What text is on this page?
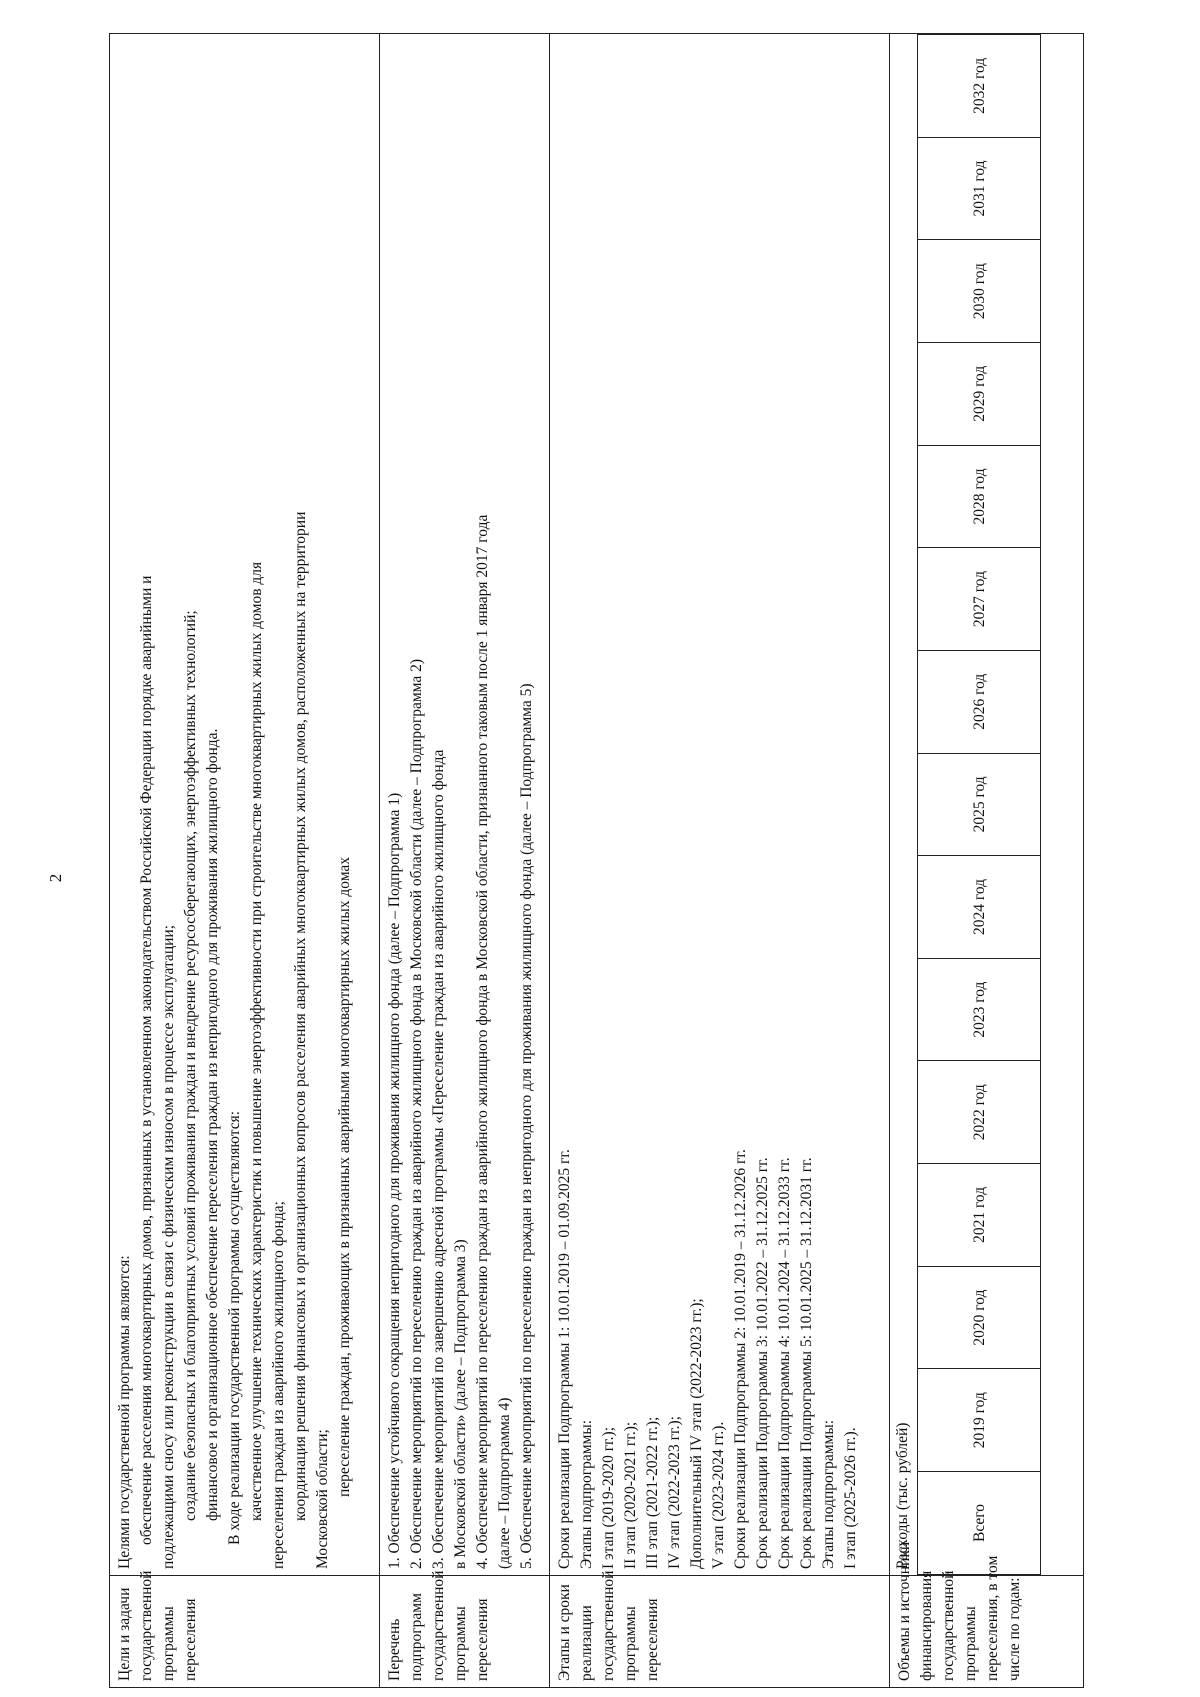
2
Цели и задачи государственной программы переселения

Целями государственной программы являются: обеспечение расселения многоквартирных домов, признанных в установленном законодательством Российской Федерации порядке аварийными и подлежащими сносу или реконструкции в связи с физическим износом в процессе эксплуатации; создание безопасных и благоприятных условий проживания граждан и внедрение ресурсосберегающих, энергоэффективных технологий; финансовое и организационное обеспечение переселения граждан из непригодного для проживания жилищного фонда. В ходе реализации государственной программы осуществляются: качественное улучшение технических характеристик и повышение энергоэффективности при строительстве многоквартирных жилых домов для переселения граждан из аварийного жилищного фонда; координация решения финансовых и организационных вопросов расселения аварийных многоквартирных жилых домов, расположенных на территории Московской области;
переселение граждан, проживающих в признанных аварийными многоквартирных жилых домах

Перечень подпрограмм государственной программы переселения

1. Обеспечение устойчивого сокращения непригодного для проживания жилищного фонда (далее – Подпрограмма 1) 2. Обеспечение мероприятий по переселению граждан из аварийного жилищного фонда в Московской области (далее – Подпрограмма 2) 3. Обеспечение мероприятий по завершению адресной программы «Переселение граждан из аварийного жилищного фонда в Московской области» (далее – Подпрограмма 3) 4. Обеспечение мероприятий по переселению граждан из аварийного жилищного фонда в Московской области, признанного таковым после 1 января 2017 года (далее – Подпрограмма 4) 5. Обеспечение мероприятий по переселению граждан из непригодного для проживания жилищного фонда (далее – Подпрограмма 5)

Этапы и сроки реализации государственной программы переселения

Сроки реализации Подпрограммы 1: 10.01.2019 – 01.09.2025 гг. Этапы подпрограммы: I этап (2019-2020 гг.); II этап (2020-2021 гг.); III этап (2021-2022 гг.); IV этап (2022-2023 гг.); Дополнительный IV этап (2022-2023 гг.); V этап (2023-2024 гг.). Сроки реализации Подпрограммы 2: 10.01.2019 – 31.12.2026 гг. Срок реализации Подпрограммы 3: 10.01.2022 – 31.12.2025 гг. Срок реализации Подпрограммы 4: 10.01.2024 – 31.12.2033 гг. Срок реализации Подпрограммы 5: 10.01.2025 – 31.12.2031 гг. Этапы подпрограммы: I этап (2025-2026 гг.).

Объемы и источники финансирования государственной программы переселения, в том числе по годам:

Расходы (тыс. рублей)	Всего	2019 год	2020 год	2021 год	2022 год	2023 год	2024 год	2025 год	2026 год	2027 год	2028 год	2029 год	2030 год	2031 год	2032 год
